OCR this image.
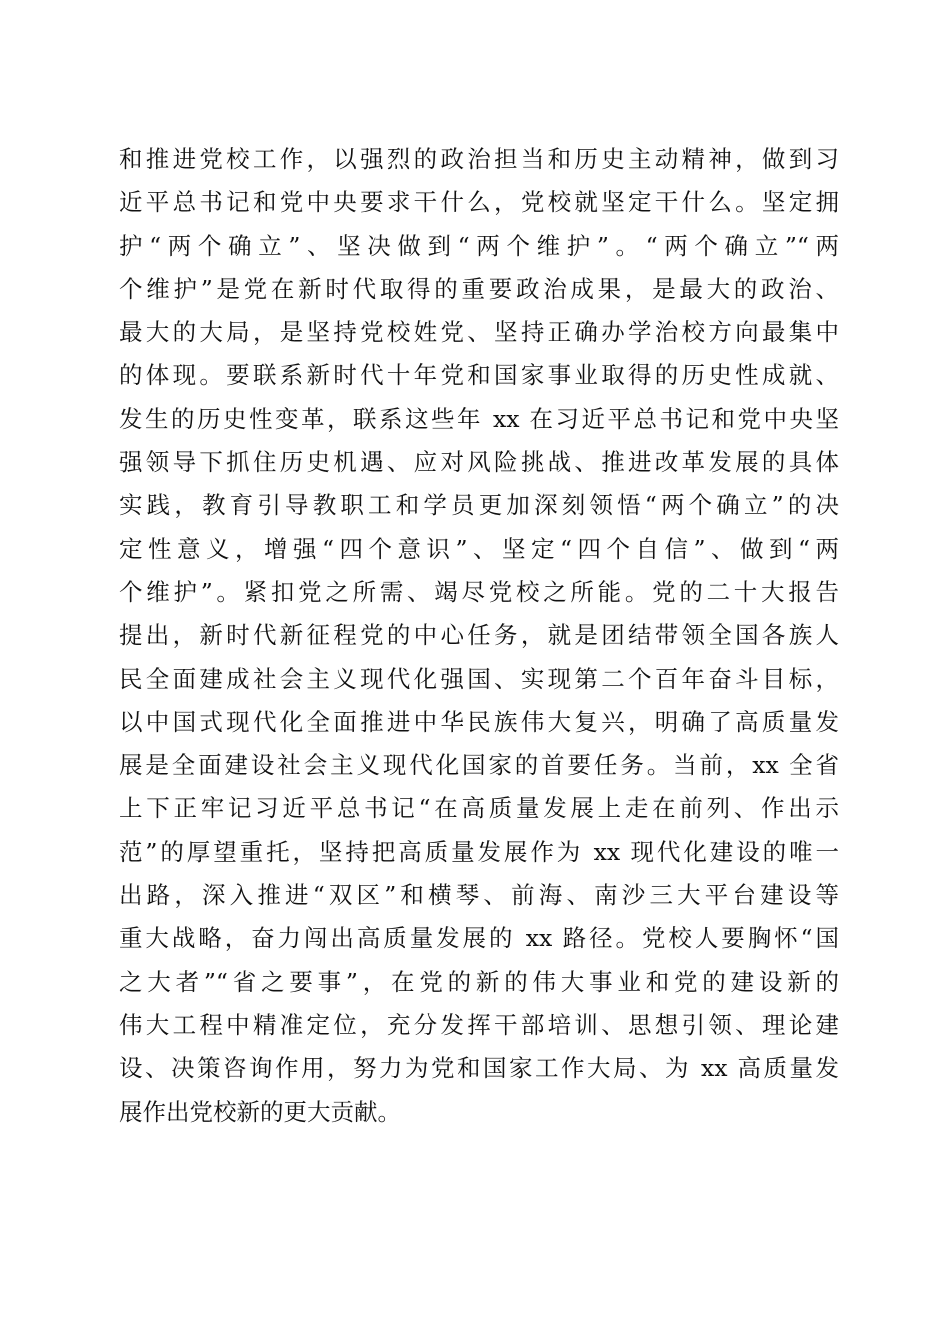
和推进党校工作，以强烈的政治担当和历史主动精神，做到习
近平总书记和党中央要求干什么，党校就坚定干什么。坚定拥
护“两个确立”、坚决做到“两个维护”。“两个确立”“两
个维护”是党在新时代取得的重要政治成果，是最大的政治、
最大的大局，是坚持党校姓党、坚持正确办学治校方向最集中
的体现。要联系新时代十年党和国家事业取得的历史性成就、
发生的历史性变革，联系这些年 xx 在习近平总书记和党中央坚
强领导下抓住历史机遇、应对风险挑战、推进改革发展的具体
实践，教育引导教职工和学员更加深刻领悟“两个确立”的决
定性意义，增强“四个意识”、坚定“四个自信”、做到“两
个维护”。紧扣党之所需、竭尽党校之所能。党的二十大报告
提出，新时代新征程党的中心任务，就是团结带领全国各族人
民全面建成社会主义现代化强国、实现第二个百年奋斗目标，
以中国式现代化全面推进中华民族伟大复兴，明确了高质量发
展是全面建设社会主义现代化国家的首要任务。当前，xx 全省
上下正牢记习近平总书记“在高质量发展上走在前列、作出示
范”的厚望重托，坚持把高质量发展作为 xx 现代化建设的唯一
出路，深入推进“双区”和横琴、前海、南沙三大平台建设等
重大战略，奋力闯出高质量发展的 xx 路径。党校人要胸怀“国
之大者”“省之要事”，在党的新的伟大事业和党的建设新的
伟大工程中精准定位，充分发挥干部培训、思想引领、理论建
设、决策咨询作用，努力为党和国家工作大局、为 xx 高质量发
展作出党校新的更大贡献。
